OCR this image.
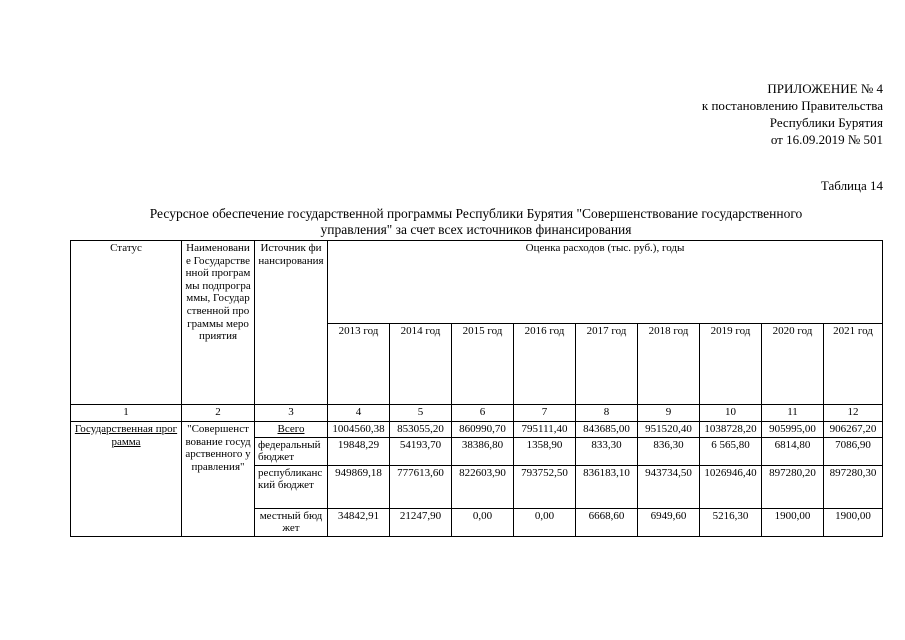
ПРИЛОЖЕНИЕ № 4
к постановлению Правительства
Республики Бурятия
от 16.09.2019 № 501
Таблица 14
Ресурсное обеспечение государственной программы Республики Бурятия "Совершенствование государственного
управления" за счет всех источников финансирования
Статус	Наименование Государственной программы подпрограммы, Государственной программы мероприятия	Источник финансирования	Оценка расходов (тыс. руб.), годы								
			2013 год	2014 год	2015 год	2016 год	2017 год	2018 год	2019 год	2020 год	2021 год
1	2	3	4	5	6	7	8	9	10	11	12
Государственная программа	"Совершенствование государственного управления"	Всего	1004560,38	853055,20	860990,70	795111,40	843685,00	951520,40	1038728,20	905995,00	906267,20
		федеральный бюджет	19848,29	54193,70	38386,80	1358,90	833,30	836,30	6 565,80	6814,80	7086,90
		республиканский бюджет	949869,18	777613,60	822603,90	793752,50	836183,10	943734,50	1026946,40	897280,20	897280,30
		местный бюджет	34842,91	21247,90	0,00	0,00	6668,60	6949,60	5216,30	1900,00	1900,00
